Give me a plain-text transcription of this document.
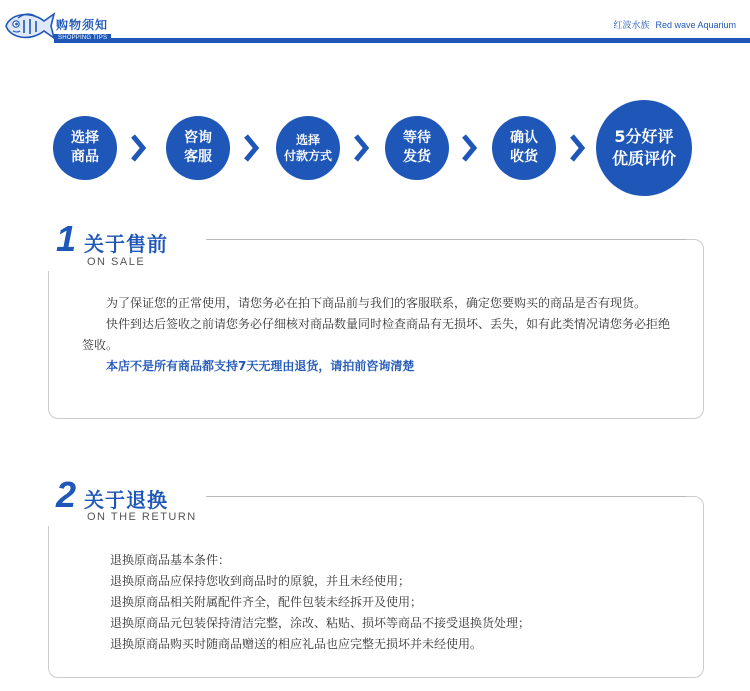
购物须知
SHOPPING TIPS
红波水族 Red wave Aquarium
选择
商品
咨询
客服
选择
付款方式
等待
发货
确认
收货
5分好评
优质评价

为了保证您的正常使用，请您务必在拍下商品前与我们的客服联系，确定您要购买的商品是否有现货。

快件到达后签收之前请您务必仔细核对商品数量同时检查商品有无损坏、丢失，如有此类情况请您务必拒绝签收。

本店不是所有商品都支持7天无理由退货，请拍前咨询清楚

1 关于售前
ON SALE

退换原商品基本条件：

退换原商品应保持您收到商品时的原貌，并且未经使用；

退换原商品相关附属配件齐全，配件包装未经拆开及使用；

退换原商品元包装保持清洁完整，涂改、粘贴、损坏等商品不接受退换货处理；

退换原商品购买时随商品赠送的相应礼品也应完整无损坏并未经使用。

2 关于退换
ON THE RETURN
